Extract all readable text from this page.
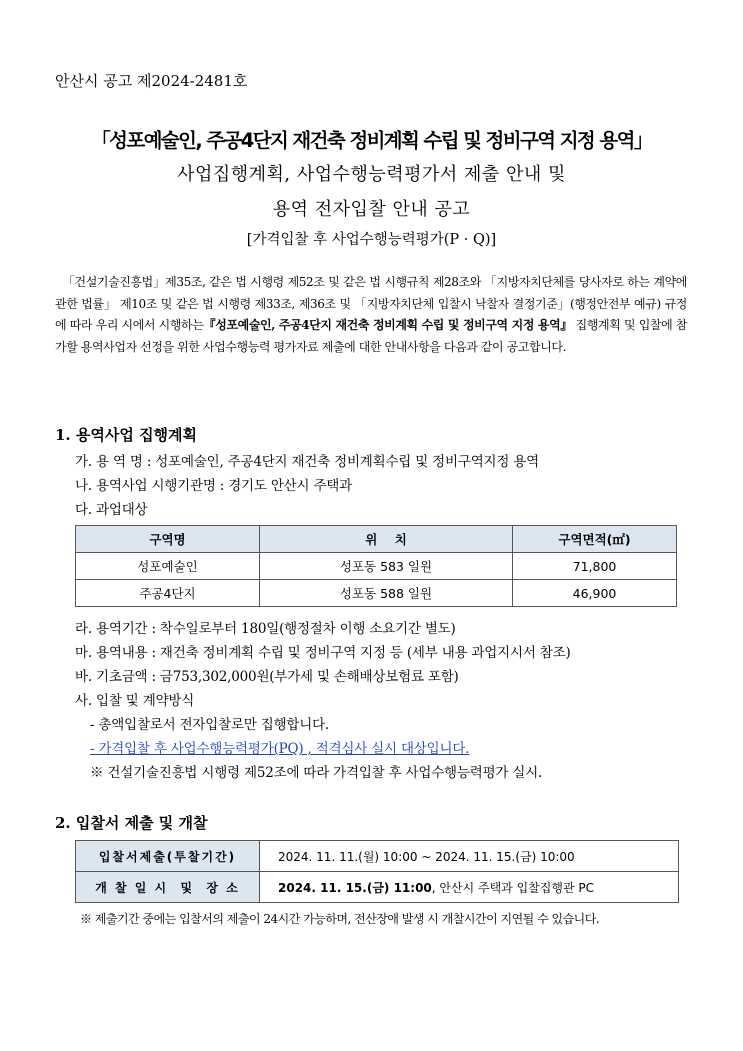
안산시 공고 제2024-2481호
「성포예술인, 주공4단지 재건축 정비계획 수립 및 정비구역 지정 용역」
사업집행계획, 사업수행능력평가서 제출 안내 및
용역 전자입찰 안내 공고
[가격입찰 후 사업수행능력평가(P · Q)]
「건설기술진흥법」제35조, 같은 법 시행령 제52조 및 같은 법 시행규칙 제28조와 「지방자치단체를 당사자로 하는 계약에 관한 법률」 제10조 및 같은 법 시행령 제33조, 제36조 및 「지방자치단체 입찰시 낙찰자 결정기준」(행정안전부 예규) 규정에 따라 우리 시에서 시행하는『성포예술인, 주공4단지 재건축 정비계획 수립 및 정비구역 지정 용역』 집행계획 및 입찰에 참가할 용역사업자 선정을 위한 사업수행능력 평가자료 제출에 대한 안내사항을 다음과 같이 공고합니다.
1. 용역사업 집행계획
가. 용 역 명 : 성포예술인, 주공4단지 재건축 정비계획수립 및 정비구역지정 용역
나. 용역사업 시행기관명 : 경기도 안산시 주택과
다. 과업대상
구역명	위    치	구역면적(㎡)
성포예술인	성포동 583 일원	71,800
주공4단지	성포동 588 일원	46,900
라. 용역기간 : 착수일로부터 180일(행정절차 이행 소요기간 별도)
마. 용역내용 : 재건축 정비계획 수립 및 정비구역 지정 등 (세부 내용 과업지시서 참조)
바. 기초금액 : 금753,302,000원(부가세 및 손해배상보험료 포함)
사. 입찰 및 계약방식
- 총액입찰로서 전자입찰로만 집행합니다.
- 가격입찰 후 사업수행능력평가(PQ) , 적격심사 실시 대상입니다.
※ 건설기술진흥법 시행령 제52조에 따라 가격입찰 후 사업수행능력평가 실시.
2. 입찰서 제출 및 개찰
입찰서제출(투찰기간)	2024. 11. 11.(월) 10:00 ~ 2024. 11. 15.(금) 10:00
개 찰 일 시  및  장 소	2024. 11. 15.(금) 11:00, 안산시 주택과 입찰집행관 PC
※ 제출기간 중에는 입찰서의 제출이 24시간 가능하며, 전산장애 발생 시 개찰시간이 지연될 수 있습니다.
